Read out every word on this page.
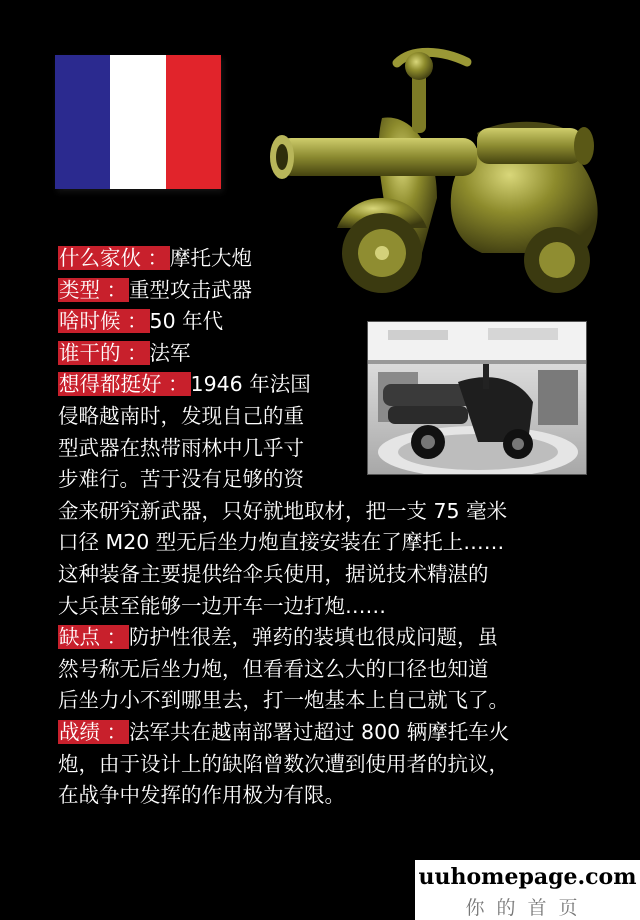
什么家伙 ：摩托大炮
类型 ：重型攻击武器
啥时候 ：50 年代
谁干的 ：法军
想得都挺好 ：1946 年法国
侵略越南时，发现自己的重
型武器在热带雨林中几乎寸
步难行。苦于没有足够的资
金来研究新武器，只好就地取材，把一支 75 毫米
口径 M20 型无后坐力炮直接安装在了摩托上……
这种装备主要提供给伞兵使用，据说技术精湛的
大兵甚至能够一边开车一边打炮……
缺点 ：防护性很差，弹药的装填也很成问题，虽
然号称无后坐力炮，但看看这么大的口径也知道
后坐力小不到哪里去，打一炮基本上自己就飞了。
战绩 ：法军共在越南部署过超过 800 辆摩托车火
炮，由于设计上的缺陷曾数次遭到使用者的抗议，
在战争中发挥的作用极为有限。
uuhomepage.com
你的首页
